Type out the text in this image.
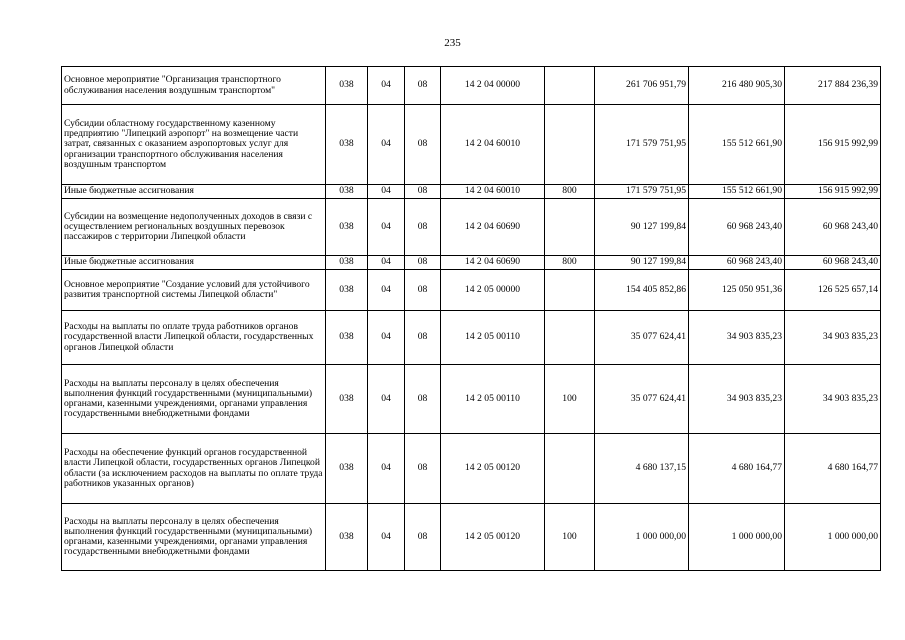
235
Основное мероприятие "Организация транспортного обслуживания населения воздушным транспортом"	038	04	08	14 2 04 00000		261 706 951,79	216 480 905,30	217 884 236,39
Субсидии областному государственному казенному предприятию "Липецкий аэропорт" на возмещение части затрат, связанных с оказанием аэропортовых услуг для организации транспортного обслуживания населения воздушным транспортом	038	04	08	14 2 04 60010		171 579 751,95	155 512 661,90	156 915 992,99
Иные бюджетные ассигнования	038	04	08	14 2 04 60010	800	171 579 751,95	155 512 661,90	156 915 992,99
Субсидии на возмещение недополученных доходов в связи с осуществлением региональных воздушных перевозок пассажиров с территории Липецкой области	038	04	08	14 2 04 60690		90 127 199,84	60 968 243,40	60 968 243,40
Иные бюджетные ассигнования	038	04	08	14 2 04 60690	800	90 127 199,84	60 968 243,40	60 968 243,40
Основное мероприятие "Создание условий для устойчивого развития транспортной системы Липецкой области"	038	04	08	14 2 05 00000		154 405 852,86	125 050 951,36	126 525 657,14
Расходы на выплаты по оплате труда работников органов государственной власти Липецкой области, государственных органов Липецкой области	038	04	08	14 2 05 00110		35 077 624,41	34 903 835,23	34 903 835,23
Расходы на выплаты персоналу в целях обеспечения выполнения функций государственными (муниципальными) органами, казенными учреждениями, органами управления государственными внебюджетными фондами	038	04	08	14 2 05 00110	100	35 077 624,41	34 903 835,23	34 903 835,23
Расходы на обеспечение функций органов государственной власти Липецкой области, государственных органов Липецкой области (за исключением расходов на выплаты по оплате труда работников указанных органов)	038	04	08	14 2 05 00120		4 680 137,15	4 680 164,77	4 680 164,77
Расходы на выплаты персоналу в целях обеспечения выполнения функций государственными (муниципальными) органами, казенными учреждениями, органами управления государственными внебюджетными фондами	038	04	08	14 2 05 00120	100	1 000 000,00	1 000 000,00	1 000 000,00
